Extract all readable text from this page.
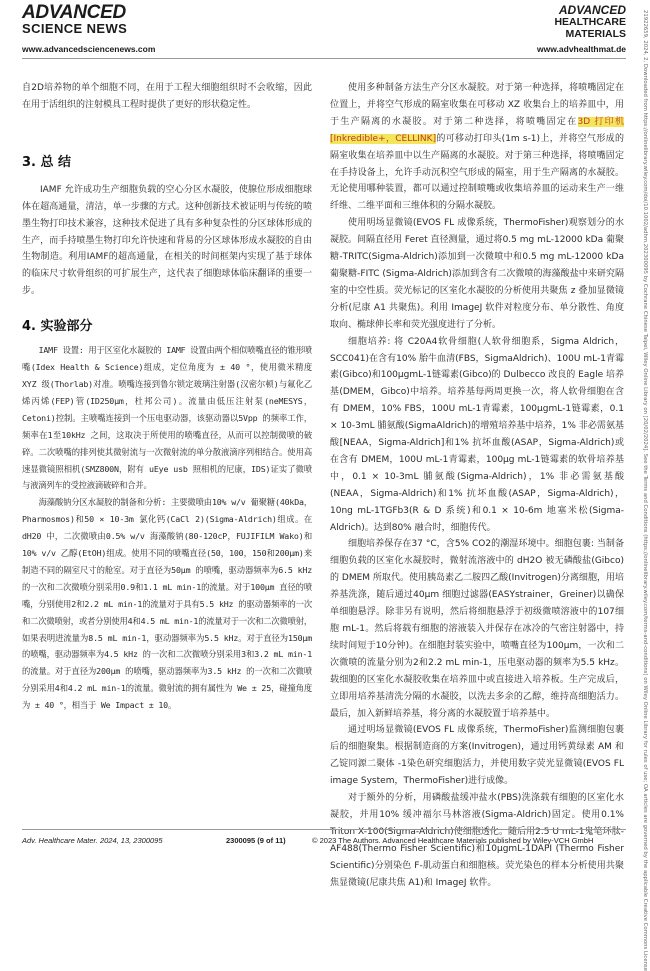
ADVANCED
SCIENCE NEWS
ADVANCED
HEALTHCARE
MATERIALS
www.advancedsciencenews.com	www.advhealthmat.de

自2D培养物的单个细胞不同，在用于工程大细胞组织时不会收缩，因此在用于活组织的注射模具工程时提供了更好的形状稳定性。

3. 总 结

IAMF 允许成功生产细胞负载的空心分区水凝胶，使腺位形成细胞球体在超高通量，清洁，单一步骤的方式。这种创新技术被证明与传统的喷墨生物打印技术兼容，这种技术促进了具有多种复杂性的分区球体形成的生产，而手持喷墨生物打印允许快速和背易的分区球体形成水凝胶的自由生物制造。利用IAMF的超高通量，在相关的时间框架内实现了基于球体的临床尺寸软骨组织的可扩展生产，这代表了细胞球体临床翻译的重要一步。

4. 实验部分

IAMF 设置: 用于区室化水凝胶的 IAMF 设置由两个相似喷嘴直径的锥形喷嘴(Idex Health & Science)组成，定位角度为 ± 40 °，使用微米精度 XYZ 级(Thorlab)对准。喷嘴连接到鲁尔锁定玻璃注射器(汉密尔顿)与氟化乙烯丙烯(FEP)管(ID250μm，杜邦公司)。流量由低压注射泵(neMESYS，Cetoni)控制。主喷嘴连接到一个压电驱动器，该驱动器以5Vpp 的频率工作，频率在1至10kHz 之间，这取决于所使用的喷嘴直径，从而可以控制微喷的破碎。二次喷嘴的排列使其微射流与一次微射流的单分散液滴序列相结合。使用高速显微镜照相机(SMZ800N，附有 uEye usb 照相机的尼康，IDS)证实了微喷与液滴列车的受控液滴破碎和合并。

海藻酸钠分区水凝胶的制备和分析: 主要微喷由10% w/v 葡聚糖(40kDa，Pharmosmos)和50 × 10-3m 氯化钙(CaCl 2)(Sigma-Aldrich)组成。在 dH20 中，二次微喷由0.5% w/v 海藻酸钠(80-120cP，FUJIFILM Wako)和10% v/v 乙醇(EtOH)组成。使用不同的喷嘴直径(50，100，150和200μm)来制造不同的隔室尺寸的舱室。对于直径为50μm 的喷嘴，驱动器频率为6.5 kHz 的一次和二次微喷分别采用0.9和1.1 mL min-1的流量。对于100μm 直径的喷嘴，分别使用2和2.2 mL min-1的流量对于具有5.5 kHz 的驱动器频率的一次和二次微喷射，或者分别使用4和4.5 mL min-1的流量对于一次和二次微喷射，如果表明进流量为8.5 mL min-1，驱动器频率为5.5 kHz。对于直径为150μm 的喷嘴，驱动器频率为4.5 kHz 的一次和二次微喷分别采用3和3.2 mL min-1的流量。对于直径为200μm 的喷嘴，驱动器频率为3.5 kHz 的一次和二次微喷分别采用4和4.2 mL min-1的流量。微射流的拥有属性为 We ± 25，碰撞角度为 ± 40 °，相当于 We Impact ± 10。

使用多种制备方法生产分区水凝胶。对于第一种选择，将喷嘴固定在位置上，并将空气形成的隔室收集在可移动 XZ 收集台上的培养皿中，用于生产隔离的水凝胶。对于第二种选择，将喷嘴固定在3D 打印机[Inkredible+，CELLINK]的可移动打印头(1m s-1)上，并将空气形成的隔室收集在培养皿中以生产隔离的水凝胶。对于第三种选择，将喷嘴固定在手持设备上，允许手动沉积空气形成的隔室，用于生产隔离的水凝胶。无论使用哪种装置，都可以通过控制喷嘴或收集培养皿的运动来生产一维纤维、二维平面和三维体积的分隔水凝胶。

使用明场显微镜(EVOS FL 成像系统，ThermoFisher)观察划分的水凝胶。间隔直径用 Feret 直径测量，通过将0.5 mg mL-12000 kDa 葡聚糖-TRITC(Sigma-Aldrich)添加到一次微喷中和0.5 mg mL-12000 kDa 葡聚糖-FITC (Sigma-Aldrich)添加到含有二次微喷的海藻酸盐中来研究隔室的中空性质。荧光标记的区室化水凝胶的分析使用共聚焦 z 叠加显微镜分析(尼康 A1 共聚焦)。利用 ImageJ 软件对粒度分布、单分散性、角度取向、椭球伸长率和荧光强度进行了分析。

细胞培养: 将 C20A4软骨细胞(人软骨细胞系，Sigma Aldrich，SCC041)在含有10% 胎牛血清(FBS，SigmaAldrich)、100U mL-1青霉素(Gibco)和100μgmL-1链霉素(Gibco)的 Dulbecco 改良的 Eagle 培养基(DMEM，Gibco)中培养。培养基每两周更换一次，将人软骨细胞在含有 DMEM，10% FBS，100U mL-1青霉素，100μgmL-1链霉素，0.1 × 10-3mL 脯氨酸(SigmaAldrich)的增殖培养基中培养，1% 非必需氨基酸[NEAA，Sigma-Aldrich]和1% 抗坏血酸(ASAP，Sigma-Aldrich)或在含有 DMEM，100U mL-1青霉素，100μg mL-1链霉素的软骨培养基中，0.1 × 10-3mL 脯氨酸(Sigma-Aldrich)，1% 非必需氨基酸(NEAA，Sigma-Aldrich)和1% 抗坏血酸(ASAP，Sigma-Aldrich)，10ng mL-1TGFb3(R & D 系统)和0.1 × 10-6m 地塞米松(Sigma-Aldrich)。达到80% 融合时，细胞传代。

细胞培养保存在37 °C，含5% CO2的潮湿环境中。细胞包裹: 当制备细胞负载的区室化水凝胶时，微射流溶液中的 dH2O 被无磷酸盐(Gibco)的 DMEM 所取代。使用胰岛素乙二胺四乙酸(Invitrogen)分离细胞，用培养基洗涤，随后通过40μm 细胞过滤器(EASYstrainer，Greiner)以确保单细胞悬浮。除非另有说明，然后将细胞悬浮于初级微喷溶液中的107细胞 mL-1。然后将载有细胞的溶液装入并保存在冰冷的气密注射器中，持续时间短于10分钟)。在细胞封装实验中，喷嘴直径为100μm，一次和二次微喷的流量分别为2和2.2 mL min-1，压电驱动器的频率为5.5 kHz。载细胞的区室化水凝胶收集在培养皿中或直接进入培养板。生产完成后，立即用培养基清洗分隔的水凝胶，以洗去多余的乙醇，维持高细胞活力。最后，加入新鲜培养基，将分离的水凝胶置于培养基中。

通过明场显微镜(EVOS FL 成像系统，ThermoFisher)监测细胞包裹后的细胞聚集。根据制造商的方案(Invitrogen)，通过用钙黄绿素 AM 和乙锭同源二聚体 -1染色研究细胞活力，并使用数字荧光显微镜(EVOS FL image System，ThermoFisher)进行成像。

对于额外的分析，用磷酸盐缓冲盐水(PBS)洗涤载有细胞的区室化水凝胶，并用10% 缓冲福尔马林溶液(Sigma-Aldrich)固定。使用0.1% Triton X-100(Sigma-Aldrich)使细胞透化。随后用2.5 U mL-1鬼笔环肽-AF488(Thermo Fisher Scientific)和10μgmL-1DAPI (Thermo Fisher Scientific)分别染色 F-肌动蛋白和细胞核。荧光染色的样本分析使用共聚焦显微镜(尼康共焦 A1)和 ImageJ 软件。

Adv. Healthcare Mater. 2024, 13, 2300095	2300095 (9 of 11)	© 2023 The Authors. Advanced Healthcare Materials published by Wiley-VCH GmbH	21922659, 2024, 2, Downloaded from https://onlinelibrary.wiley.com/doi/10.1002/adhm.202300095 by Cochrane Chinese Taipei, Wiley Online Library on [20/02/2024]. See the Terms and Conditions (https://onlinelibrary.wiley.com/terms-and-conditions) on Wiley Online Library for rules of use; OA articles are governed by the applicable Creative Commons License
